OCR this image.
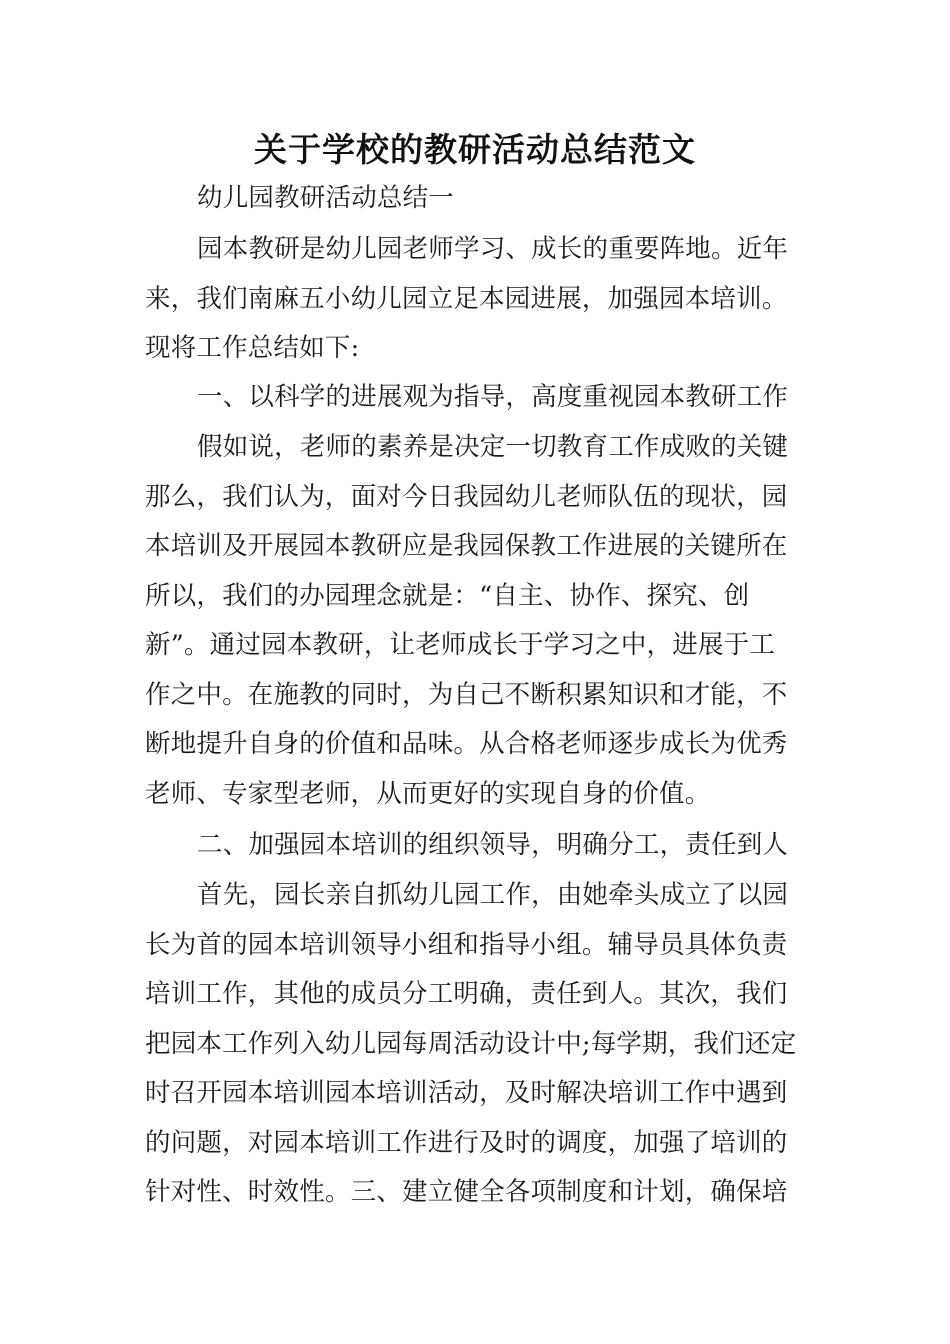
关于学校的教研活动总结范文

幼儿园教研活动总结一

园本教研是幼儿园老师学习、成长的重要阵地。近年
来，我们南麻五小幼儿园立足本园进展，加强园本培训。
现将工作总结如下:
一、以科学的进展观为指导，高度重视园本教研工作
假如说，老师的素养是决定一切教育工作成败的关键
那么，我们认为，面对今日我园幼儿老师队伍的现状，园
本培训及开展园本教研应是我园保教工作进展的关键所在
所以，我们的办园理念就是：“自主、协作、探究、创
新”。通过园本教研，让老师成长于学习之中，进展于工
作之中。在施教的同时，为自己不断积累知识和才能，不
断地提升自身的价值和品味。从合格老师逐步成长为优秀
老师、专家型老师，从而更好的实现自身的价值。
二、加强园本培训的组织领导，明确分工，责任到人
首先，园长亲自抓幼儿园工作，由她牵头成立了以园
长为首的园本培训领导小组和指导小组。辅导员具体负责
培训工作，其他的成员分工明确，责任到人。其次，我们
把园本工作列入幼儿园每周活动设计中;每学期，我们还定
时召开园本培训园本培训活动，及时解决培训工作中遇到
的问题，对园本培训工作进行及时的调度，加强了培训的
针对性、时效性。三、建立健全各项制度和计划，确保培
